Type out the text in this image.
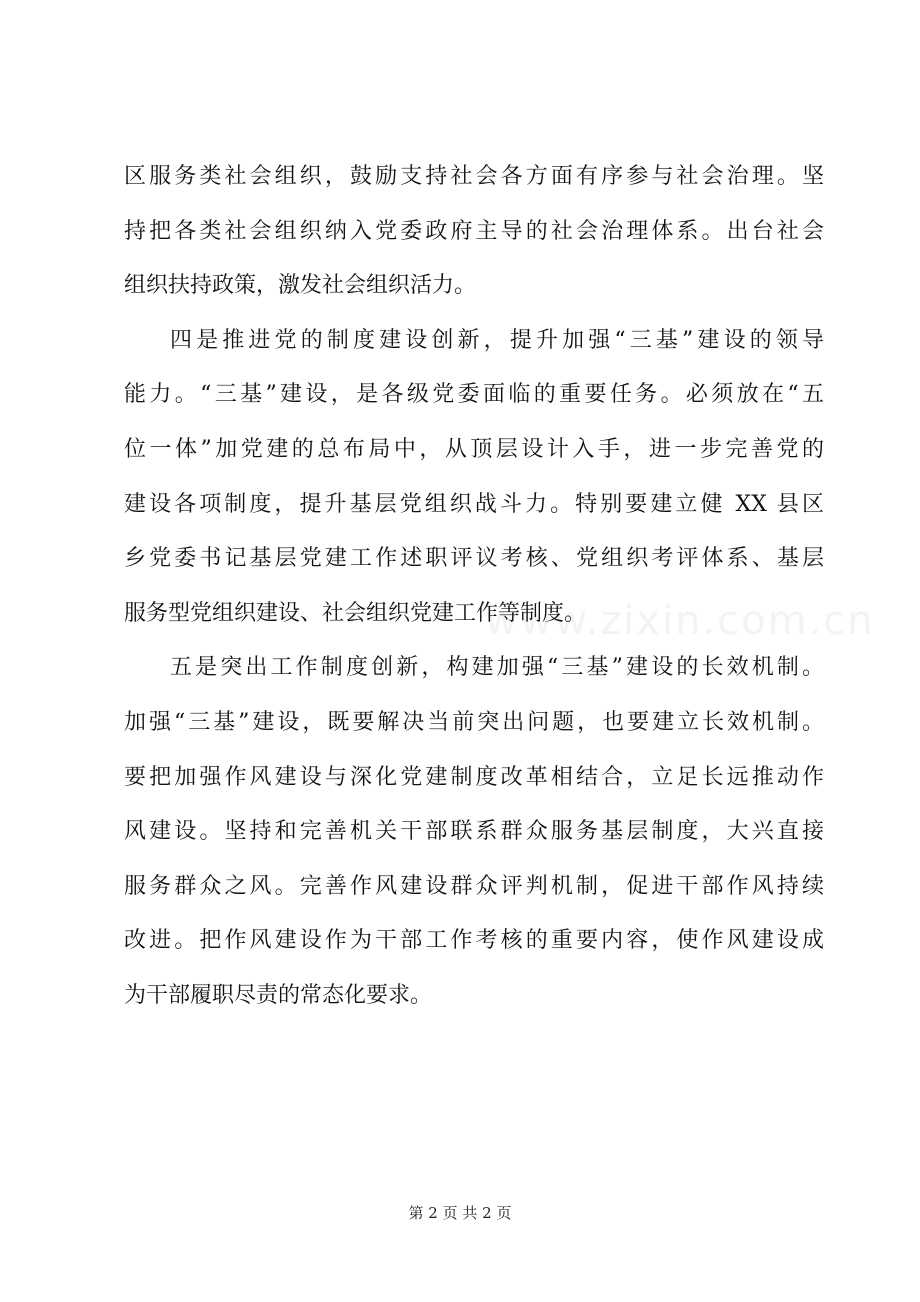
www.zixin.com.cn
区服务类社会组织，鼓励支持社会各方面有序参与社会治理。坚
持把各类社会组织纳入党委政府主导的社会治理体系。出台社会
组织扶持政策，激发社会组织活力。
四是推进党的制度建设创新，提升加强“三基”建设的领导
能力。“三基”建设，是各级党委面临的重要任务。必须放在“五
位一体”加党建的总布局中，从顶层设计入手，进一步完善党的
建设各项制度，提升基层党组织战斗力。特别要建立健 XX 县区
乡党委书记基层党建工作述职评议考核、党组织考评体系、基层
服务型党组织建设、社会组织党建工作等制度。
五是突出工作制度创新，构建加强“三基”建设的长效机制。
加强“三基”建设，既要解决当前突出问题，也要建立长效机制。
要把加强作风建设与深化党建制度改革相结合，立足长远推动作
风建设。坚持和完善机关干部联系群众服务基层制度，大兴直接
服务群众之风。完善作风建设群众评判机制，促进干部作风持续
改进。把作风建设作为干部工作考核的重要内容，使作风建设成
为干部履职尽责的常态化要求。
第 2 页 共 2 页
